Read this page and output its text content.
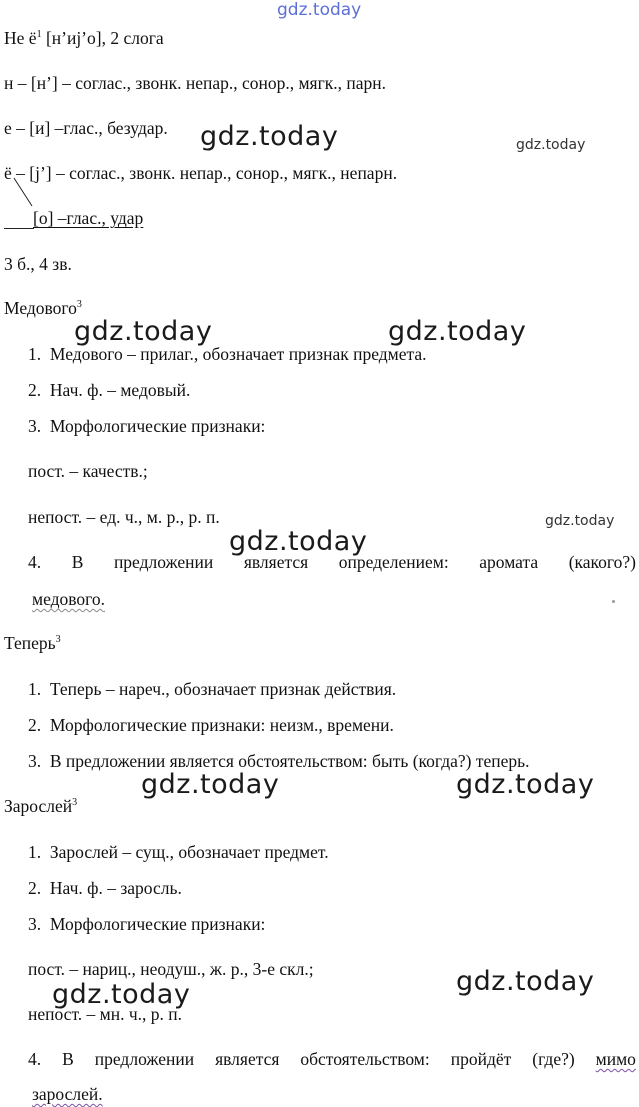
gdz.today
Не $ё^1$ [н’иj’о], 2 слога
н – [н’] – соглас., звонк. непар., сонор., мягк., парн.
е – [и] –глас., безудар.
ё – [j’] – соглас., звонк. непар., сонор., мягк., непарн.
[о] –глас., удар
3 б., 4 зв.
Медового$^3$
1.  Медового – прилаг., обозначает признак предмета.
2.  Нач. ф. – медовый.
3.  Морфологические признаки:
пост. – качеств.;
непост. – ед. ч., м. р., р. п.
4. В предложении является определением: аромата (какого?)
медового.
Теперь$^3$
1.  Теперь – нареч., обозначает признак действия.
2.  Морфологические признаки: неизм., времени.
3.  В предложении является обстоятельством: быть (когда?) теперь.
Зарослей$^3$
1.  Зарослей – сущ., обозначает предмет.
2.  Нач. ф. – заросль.
3.  Морфологические признаки:
пост. – нариц., неодуш., ж. р., 3-е скл.;
непост. – мн. ч., р. п.
4. В предложении является обстоятельством: пройдёт (где?) мимо
зарослей.
gdz.today	gdz.today
gdz.today	gdz.today
gdz.today
gdz.today
gdz.today	gdz.today
gdz.today
gdz.today
